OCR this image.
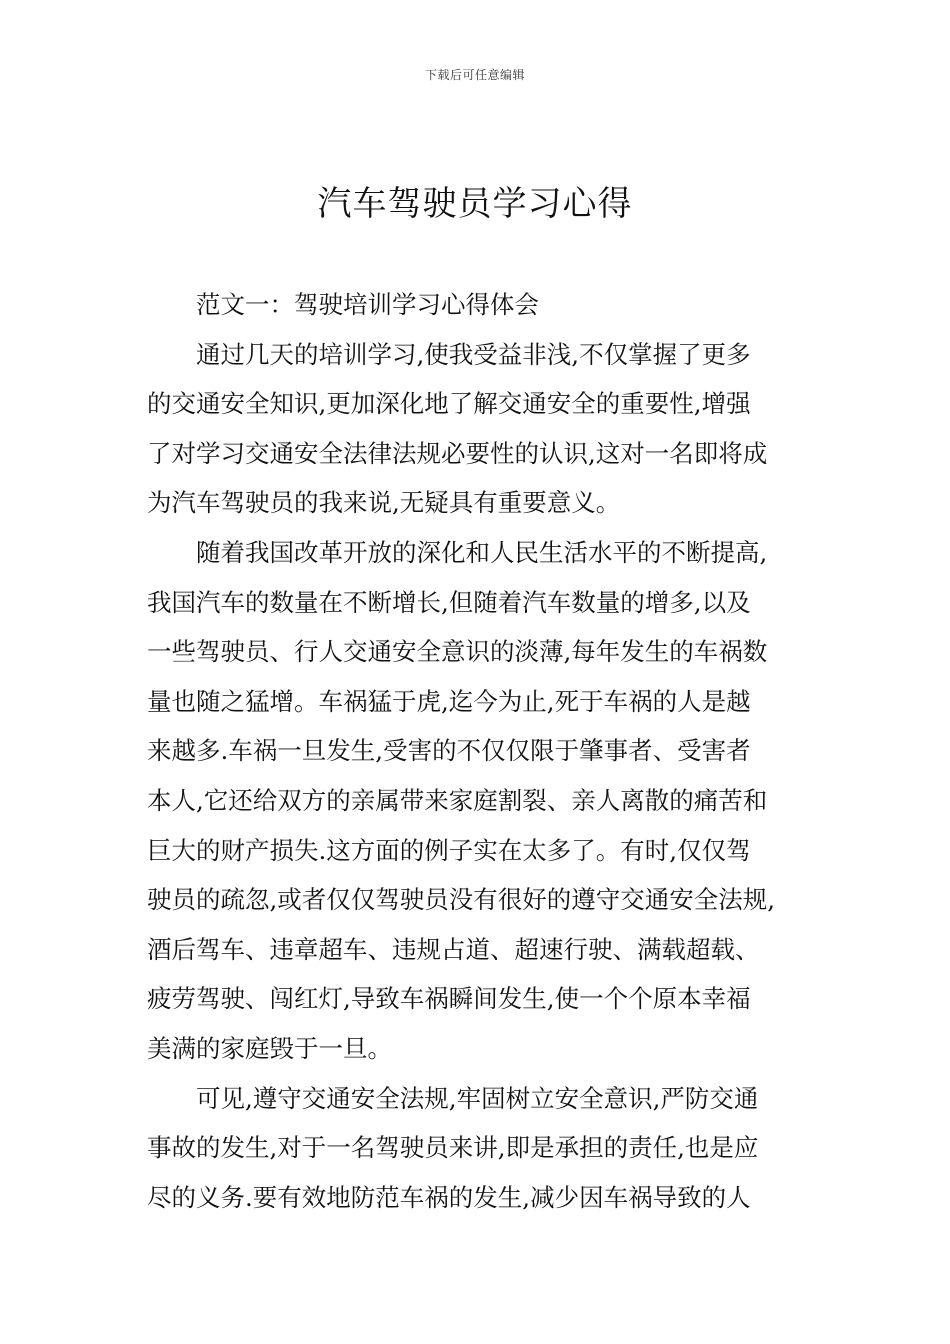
下载后可任意编辑
汽车驾驶员学习心得
范文一：驾驶培训学习心得体会
通过几天的培训学习,使我受益非浅,不仅掌握了更多
的交通安全知识,更加深化地了解交通安全的重要性,增强
了对学习交通安全法律法规必要性的认识,这对一名即将成
为汽车驾驶员的我来说,无疑具有重要意义。
随着我国改革开放的深化和人民生活水平的不断提高,
我国汽车的数量在不断增长,但随着汽车数量的增多,以及
一些驾驶员、行人交通安全意识的淡薄,每年发生的车祸数
量也随之猛增。车祸猛于虎,迄今为止,死于车祸的人是越
来越多.车祸一旦发生,受害的不仅仅限于肇事者、受害者
本人,它还给双方的亲属带来家庭割裂、亲人离散的痛苦和
巨大的财产损失.这方面的例子实在太多了。有时,仅仅驾
驶员的疏忽,或者仅仅驾驶员没有很好的遵守交通安全法规,
酒后驾车、违章超车、违规占道、超速行驶、满载超载、
疲劳驾驶、闯红灯,导致车祸瞬间发生,使一个个原本幸福
美满的家庭毁于一旦。
可见,遵守交通安全法规,牢固树立安全意识,严防交通
事故的发生,对于一名驾驶员来讲,即是承担的责任,也是应
尽的义务.要有效地防范车祸的发生,减少因车祸导致的人
